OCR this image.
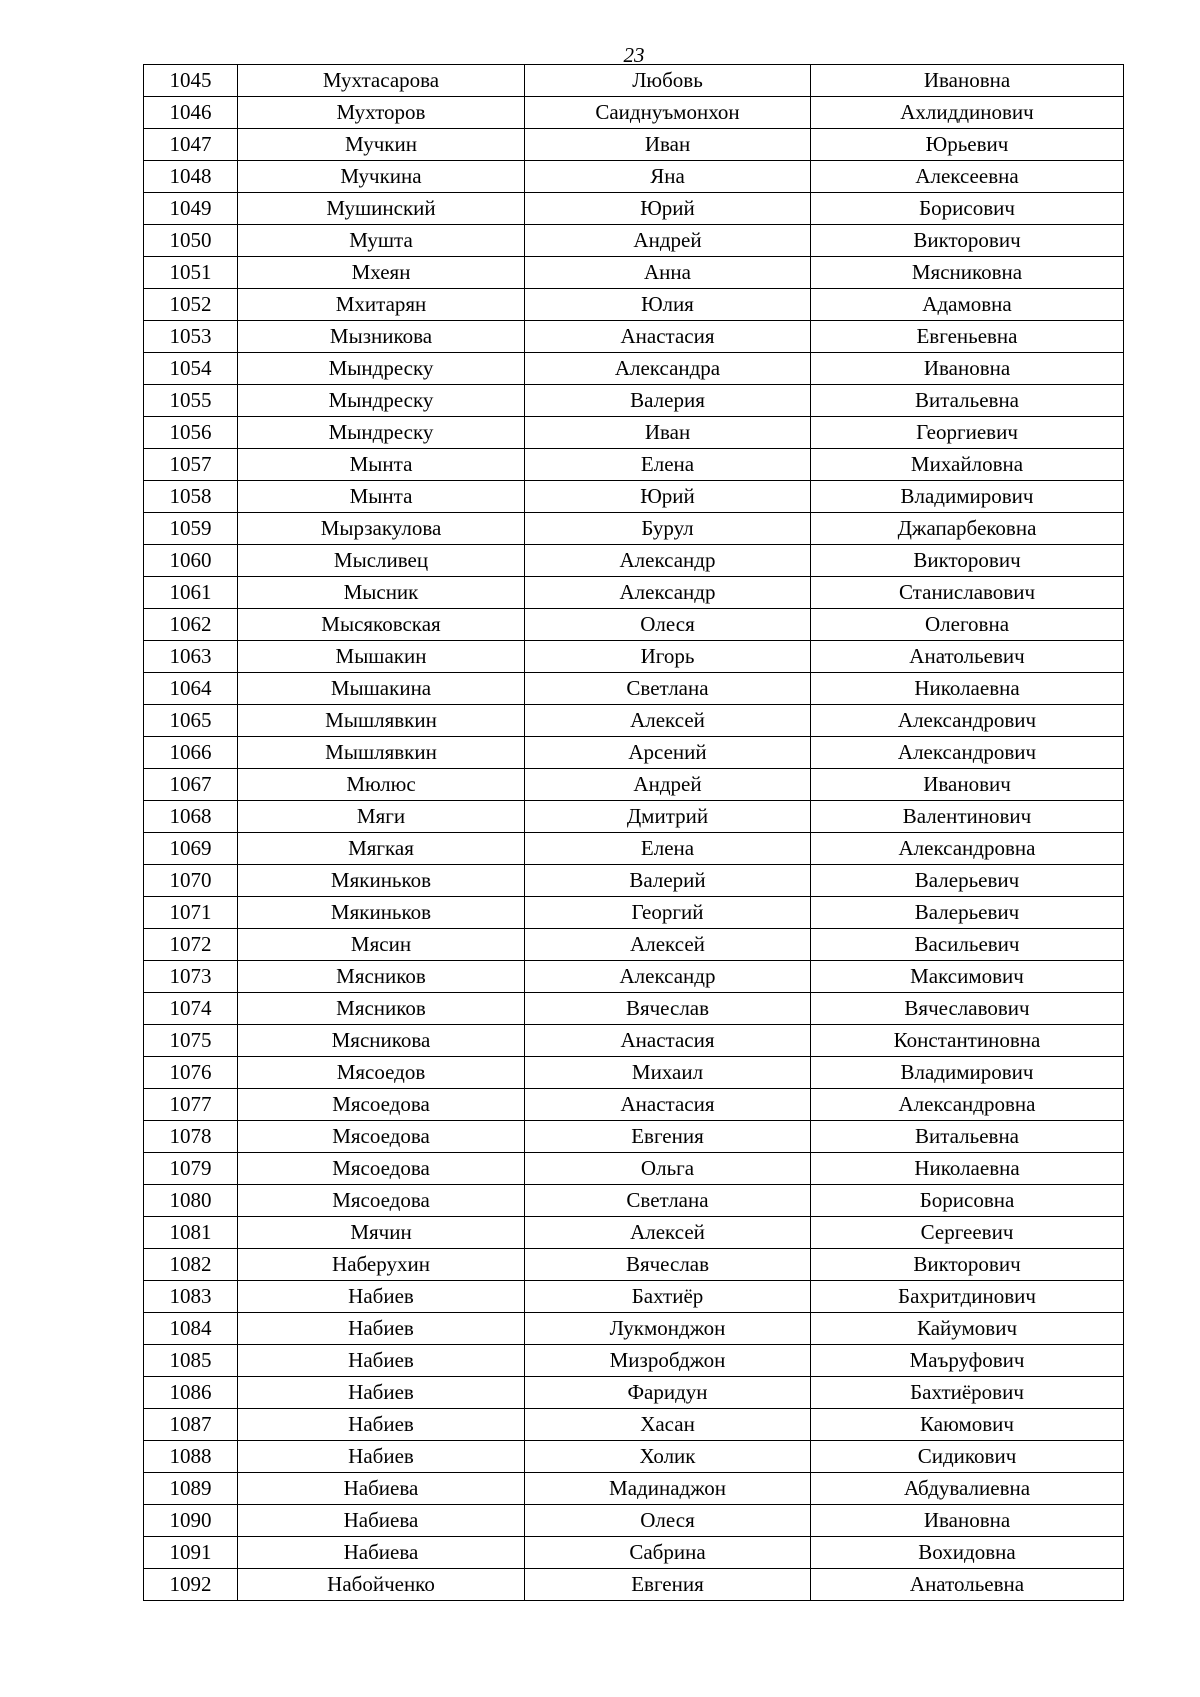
23
1045	Мухтасарова	Любовь	Ивановна
1046	Мухторов	Саиднуъмонхон	Ахлиддинович
1047	Мучкин	Иван	Юрьевич
1048	Мучкина	Яна	Алексеевна
1049	Мушинский	Юрий	Борисович
1050	Мушта	Андрей	Викторович
1051	Мхеян	Анна	Мясниковна
1052	Мхитарян	Юлия	Адамовна
1053	Мызникова	Анастасия	Евгеньевна
1054	Мындреску	Александра	Ивановна
1055	Мындреску	Валерия	Витальевна
1056	Мындреску	Иван	Георгиевич
1057	Мынта	Елена	Михайловна
1058	Мынта	Юрий	Владимирович
1059	Мырзакулова	Бурул	Джапарбековна
1060	Мысливец	Александр	Викторович
1061	Мысник	Александр	Станиславович
1062	Мысяковская	Олеся	Олеговна
1063	Мышакин	Игорь	Анатольевич
1064	Мышакина	Светлана	Николаевна
1065	Мышлявкин	Алексей	Александрович
1066	Мышлявкин	Арсений	Александрович
1067	Мюлюс	Андрей	Иванович
1068	Мяги	Дмитрий	Валентинович
1069	Мягкая	Елена	Александровна
1070	Мякиньков	Валерий	Валерьевич
1071	Мякиньков	Георгий	Валерьевич
1072	Мясин	Алексей	Васильевич
1073	Мясников	Александр	Максимович
1074	Мясников	Вячеслав	Вячеславович
1075	Мясникова	Анастасия	Константиновна
1076	Мясоедов	Михаил	Владимирович
1077	Мясоедова	Анастасия	Александровна
1078	Мясоедова	Евгения	Витальевна
1079	Мясоедова	Ольга	Николаевна
1080	Мясоедова	Светлана	Борисовна
1081	Мячин	Алексей	Сергеевич
1082	Наберухин	Вячеслав	Викторович
1083	Набиев	Бахтиёр	Бахритдинович
1084	Набиев	Лукмонджон	Кайумович
1085	Набиев	Мизробджон	Маъруфович
1086	Набиев	Фаридун	Бахтиёрович
1087	Набиев	Хасан	Каюмович
1088	Набиев	Холик	Сидикович
1089	Набиева	Мадинаджон	Абдувалиевна
1090	Набиева	Олеся	Ивановна
1091	Набиева	Сабрина	Вохидовна
1092	Набойченко	Евгения	Анатольевна
